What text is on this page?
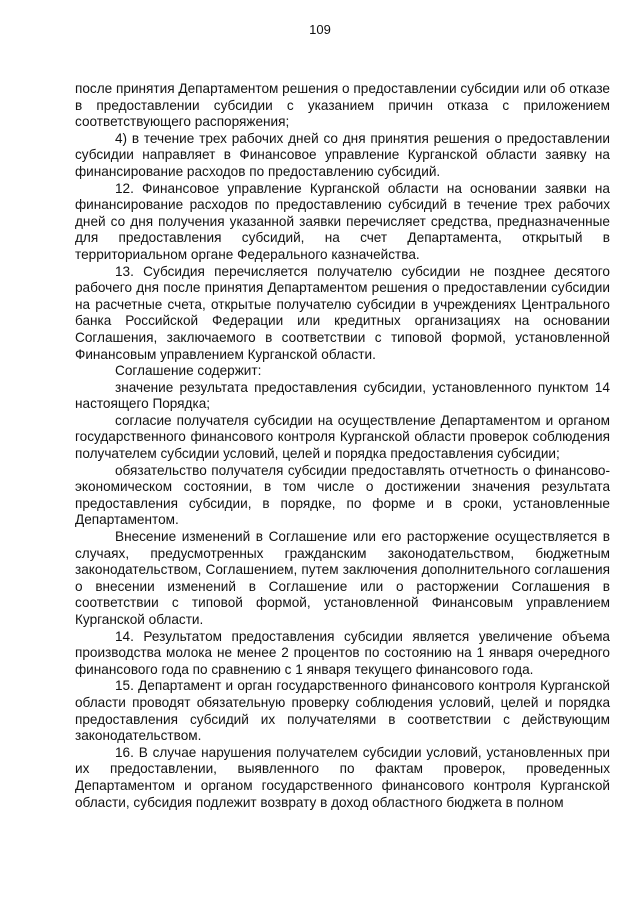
109

после принятия Департаментом решения о предоставлении субсидии или об отказе в предоставлении субсидии с указанием причин отказа с приложением соответствующего распоряжения;

4) в течение трех рабочих дней со дня принятия решения о предоставлении субсидии направляет в Финансовое управление Курганской области заявку на финансирование расходов по предоставлению субсидий.

12. Финансовое управление Курганской области на основании заявки на финансирование расходов по предоставлению субсидий в течение трех рабочих дней со дня получения указанной заявки перечисляет средства, предназначенные для предоставления субсидий, на счет Департамента, открытый в территориальном органе Федерального казначейства.

13. Субсидия перечисляется получателю субсидии не позднее десятого рабочего дня после принятия Департаментом решения о предоставлении субсидии на расчетные счета, открытые получателю субсидии в учреждениях Центрального банка Российской Федерации или кредитных организациях на основании Соглашения, заключаемого в соответствии с типовой формой, установленной Финансовым управлением Курганской области.

Соглашение содержит:

значение результата предоставления субсидии, установленного пунктом 14 настоящего Порядка;

согласие получателя субсидии на осуществление Департаментом и органом государственного финансового контроля Курганской области проверок соблюдения получателем субсидии условий, целей и порядка предоставления субсидии;

обязательство получателя субсидии предоставлять отчетность о финансово-экономическом состоянии, в том числе о достижении значения результата предоставления субсидии, в порядке, по форме и в сроки, установленные Департаментом.

Внесение изменений в Соглашение или его расторжение осуществляется в случаях, предусмотренных гражданским законодательством, бюджетным законодательством, Соглашением, путем заключения дополнительного соглашения о внесении изменений в Соглашение или о расторжении Соглашения в соответствии с типовой формой, установленной Финансовым управлением Курганской области.

14. Результатом предоставления субсидии является увеличение объема производства молока не менее 2 процентов по состоянию на 1 января очередного финансового года по сравнению с 1 января текущего финансового года.

15. Департамент и орган государственного финансового контроля Курганской области проводят обязательную проверку соблюдения условий, целей и порядка предоставления субсидий их получателями в соответствии с действующим законодательством.

16. В случае нарушения получателем субсидии условий, установленных при их предоставлении, выявленного по фактам проверок, проведенных Департаментом и органом государственного финансового контроля Курганской области, субсидия подлежит возврату в доход областного бюджета в полном
